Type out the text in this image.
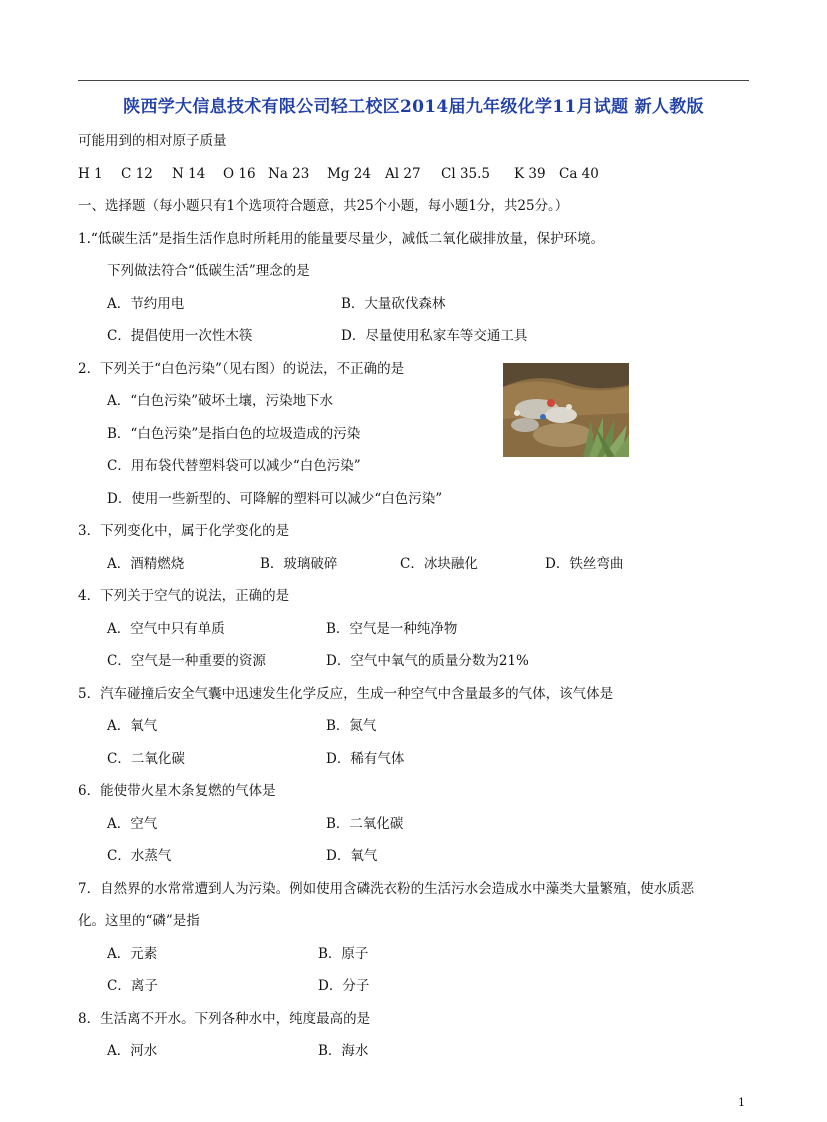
陕西学大信息技术有限公司轻工校区2014届九年级化学11月试题 新人教版
可能用到的相对原子质量
H 1 C 12 N 14 O 16 Na 23 Mg 24 Al 27 Cl 35.5 K 39 Ca 40
一、选择题（每小题只有1个选项符合题意，共25个小题，每小题1分，共25分。）
1.“低碳生活”是指生活作息时所耗用的能量要尽量少，减低二氧化碳排放量，保护环境。
下列做法符合“低碳生活”理念的是
A．节约用电	B．大量砍伐森林
C．提倡使用一次性木筷	D．尽量使用私家车等交通工具
2．下列关于“白色污染”（见右图）的说法，不正确的是
A．“白色污染”破坏土壤，污染地下水
B．“白色污染”是指白色的垃圾造成的污染
C．用布袋代替塑料袋可以减少“白色污染”
D．使用一些新型的、可降解的塑料可以减少“白色污染”
3．下列变化中，属于化学变化的是
A．酒精燃烧	B．玻璃破碎	C．冰块融化	D．铁丝弯曲
4．下列关于空气的说法，正确的是
A．空气中只有单质	B．空气是一种纯净物
C．空气是一种重要的资源	D．空气中氧气的质量分数为21%
5．汽车碰撞后安全气囊中迅速发生化学反应，生成一种空气中含量最多的气体，该气体是
A．氧气	B．氮气
C．二氧化碳	D．稀有气体
6．能使带火星木条复燃的气体是
A．空气	B．二氧化碳
C．水蒸气	D．氧气
7．自然界的水常常遭到人为污染。例如使用含磷洗衣粉的生活污水会造成水中藻类大量繁殖，使水质恶
化。这里的“磷”是指
A．元素	B．原子
C．离子	D．分子
8．生活离不开水。下列各种水中，纯度最高的是
A．河水	B．海水
1
